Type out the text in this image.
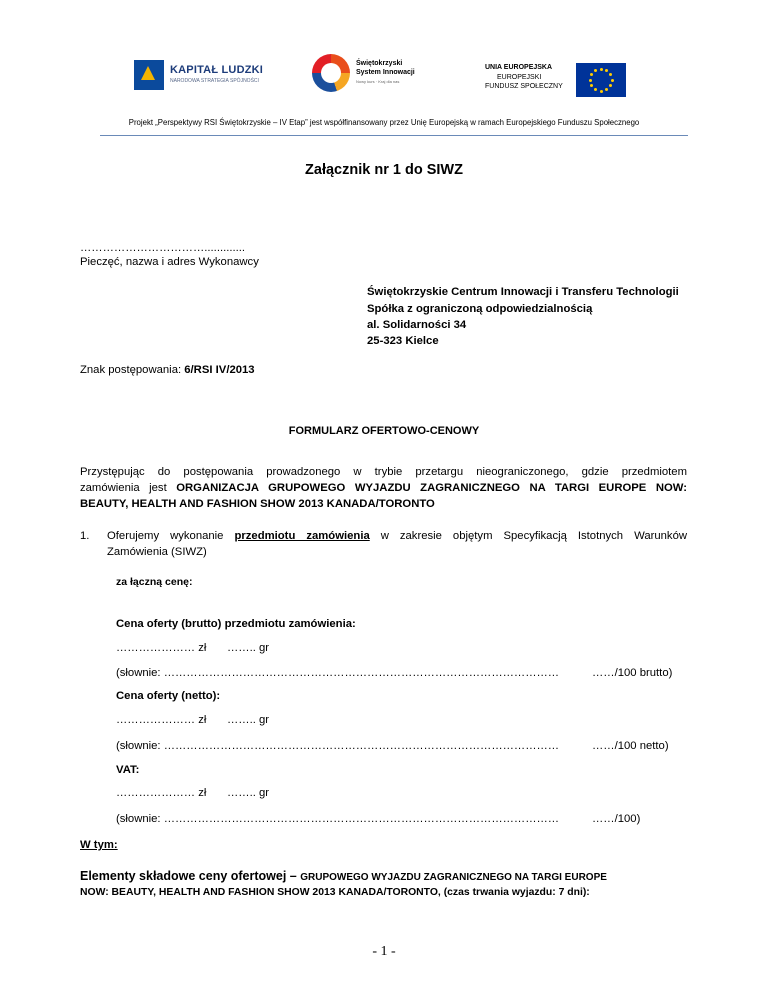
KAPITAŁ LUDZKI
NARODOWA STRATEGIA SPÓJNOŚCI
Świętokrzyski
System Innowacji
Nowy kurs · Kraj dla nas
UNIA EUROPEJSKA
EUROPEJSKI
FUNDUSZ SPOŁECZNY
Projekt „Perspektywy RSI Świętokrzyskie – IV Etap” jest współfinansowany przez Unię Europejską w ramach Europejskiego Funduszu Społecznego
Załącznik nr 1 do SIWZ
…………………………….............
Pieczęć, nazwa i adres Wykonawcy
Świętokrzyskie Centrum Innowacji i Transferu Technologii
Spółka z ograniczoną odpowiedzialnością
al. Solidarności 34
25-323 Kielce
Znak postępowania: 6/RSI IV/2013
FORMULARZ OFERTOWO-CENOWY
Przystępując do postępowania prowadzonego w trybie przetargu nieograniczonego, gdzie przedmiotem
zamówienia jest ORGANIZACJA GRUPOWEGO WYJAZDU ZAGRANICZNEGO NA TARGI EUROPE NOW:
BEAUTY, HEALTH AND FASHION SHOW 2013 KANADA/TORONTO
1. Oferujemy wykonanie przedmiotu zamówienia w zakresie objętym Specyfikacją Istotnych Warunków
Zamówienia (SIWZ)
za łączną cenę:
Cena oferty (brutto) przedmiotu zamówienia:
………………… zł …….. gr
(słownie: ……………………………………………………………………………………………	……/100 brutto)
Cena oferty (netto):
………………… zł …….. gr
(słownie: ……………………………………………………………………………………………	……/100 netto)
VAT:
………………… zł …….. gr
(słownie: ……………………………………………………………………………………………	……/100)
W tym:
Elementy składowe ceny ofertowej – GRUPOWEGO WYJAZDU ZAGRANICZNEGO NA TARGI EUROPE
NOW: BEAUTY, HEALTH AND FASHION SHOW 2013 KANADA/TORONTO, (czas trwania wyjazdu: 7 dni):
- 1 -
